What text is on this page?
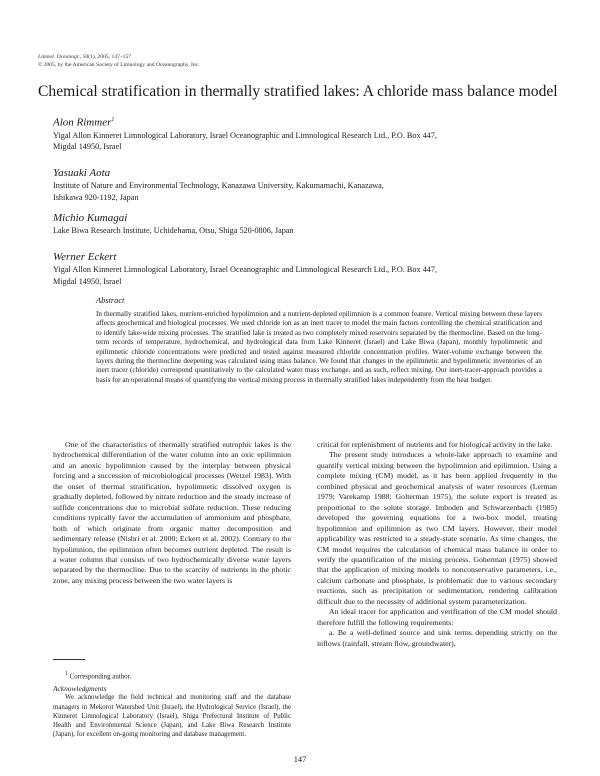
Limnol. Oceanogr., 50(1), 2005, 147–157
© 2005, by the American Society of Limnology and Oceanography, Inc.
Chemical stratification in thermally stratified lakes: A chloride mass balance model
Alon Rimmer$^1$
Yigal Allon Kinneret Limnological Laboratory, Israel Oceanographic and Limnological Research Ltd., P.O. Box 447,
Migdal 14950, Israel
Yasuaki Aota
Institute of Nature and Environmental Technology, Kanazawa University, Kakumamachi, Kanazawa,
Ishikawa 920-1192, Japan
Michio Kumagai
Lake Biwa Research Institute, Uchidehama, Otsu, Shiga 520-0806, Japan
Werner Eckert
Yigal Allon Kinneret Limnological Laboratory, Israel Oceanographic and Limnological Research Ltd., P.O. Box 447,
Migdal 14950, Israel
Abstract

In thermally stratified lakes, nutrient-enriched hypolimnion and a nutrient-depleted epilimnion is a common feature. Vertical mixing between these layers affects geochemical and biological processes. We used chloride ion as an inert tracer to model the main factors controlling the chemical stratification and to identify lake-wide mixing processes. The stratified lake is treated as two completely mixed reservoirs separated by the thermocline. Based on the long-term records of temperature, hydrochemical, and hydrological data from Lake Kinneret (Israel) and Lake Biwa (Japan), monthly hypolimnetic and epilimnetic chloride concentrations were predicted and tested against measured chloride concentration profiles. Water-volume exchange between the layers during the thermocline deepening was calculated using mass balance. We found that changes in the epilimnetic and hypolimnetic inventories of an inert tracer (chloride) correspond quantitatively to the calculated water mass exchange, and as such, reflect mixing. Our inert-tracer-approach provides a basis for an operational means of quantifying the vertical mixing process in thermally stratified lakes independently from the heat budget.

One of the characteristics of thermally stratified eutrophic lakes is the hydrochemical differentiation of the water column into an oxic epilimnion and an anoxic hypolimnion caused by the interplay between physical forcing and a succession of microbiological processes (Wetzel 1983). With the onset of thermal stratification, hypolimnetic dissolved oxygen is gradually depleted, followed by nitrate reduction and the steady increase of sulfide concentrations due to microbial sulfate reduction. These reducing conditions typically favor the accumulation of ammonium and phosphate, both of which originate from organic matter decomposition and sedimentary release (Nishri et al. 2000; Eckert et al. 2002). Contrary to the hypolimnion, the epilimnion often becomes nutrient depleted. The result is a water column that consists of two hydrochemically diverse water layers separated by the thermocline. Due to the scarcity of nutrients in the photic zone, any mixing process between the two water layers is

$^1$ Corresponding author.

Acknowledgments

We acknowledge the field technical and monitoring staff and the database managers in Mekorot Watershed Unit (Israel), the Hydrological Service (Israel), the Kinneret Limnological Laboratory (Israel), Shiga Prefectural Institute of Public Health and Environmental Science (Japan), and Lake Biwa Research Institute (Japan), for excellent on-going monitoring and database management.

critical for replenishment of nutrients and for biological activity in the lake.

The present study introduces a whole-lake approach to examine and quantify vertical mixing between the hypolimnion and epilimnion. Using a complete mixing (CM) model, as it has been applied frequently in the combined physical and geochemical analysis of water resources (Lerman 1979; Varekamp 1988; Golterman 1975), the solute export is treated as proportional to the solute storage. Imboden and Schwarzenbach (1985) developed the governing equations for a two-box model, treating hypolimnion and epilimnion as two CM layers. However, their model applicability was restricted to a steady-state scenario. As time changes, the CM model requires the calculation of chemical mass balance in order to verify the quantification of the mixing process. Goherman (1975) showed that the application of mixing models to nonconservative parameters, i.e., calcium carbonate and phosphate, is problematic due to various secondary reactions, such as precipitation or sedimentation, rendering calibration difficult due to the necessity of additional system parameterization.

An ideal tracer for application and verification of the CM model should therefore fulfill the following requirements:

a. Be a well-defined source and sink terms depending strictly on the inflows (rainfall, stream flow, groundwater),

147
